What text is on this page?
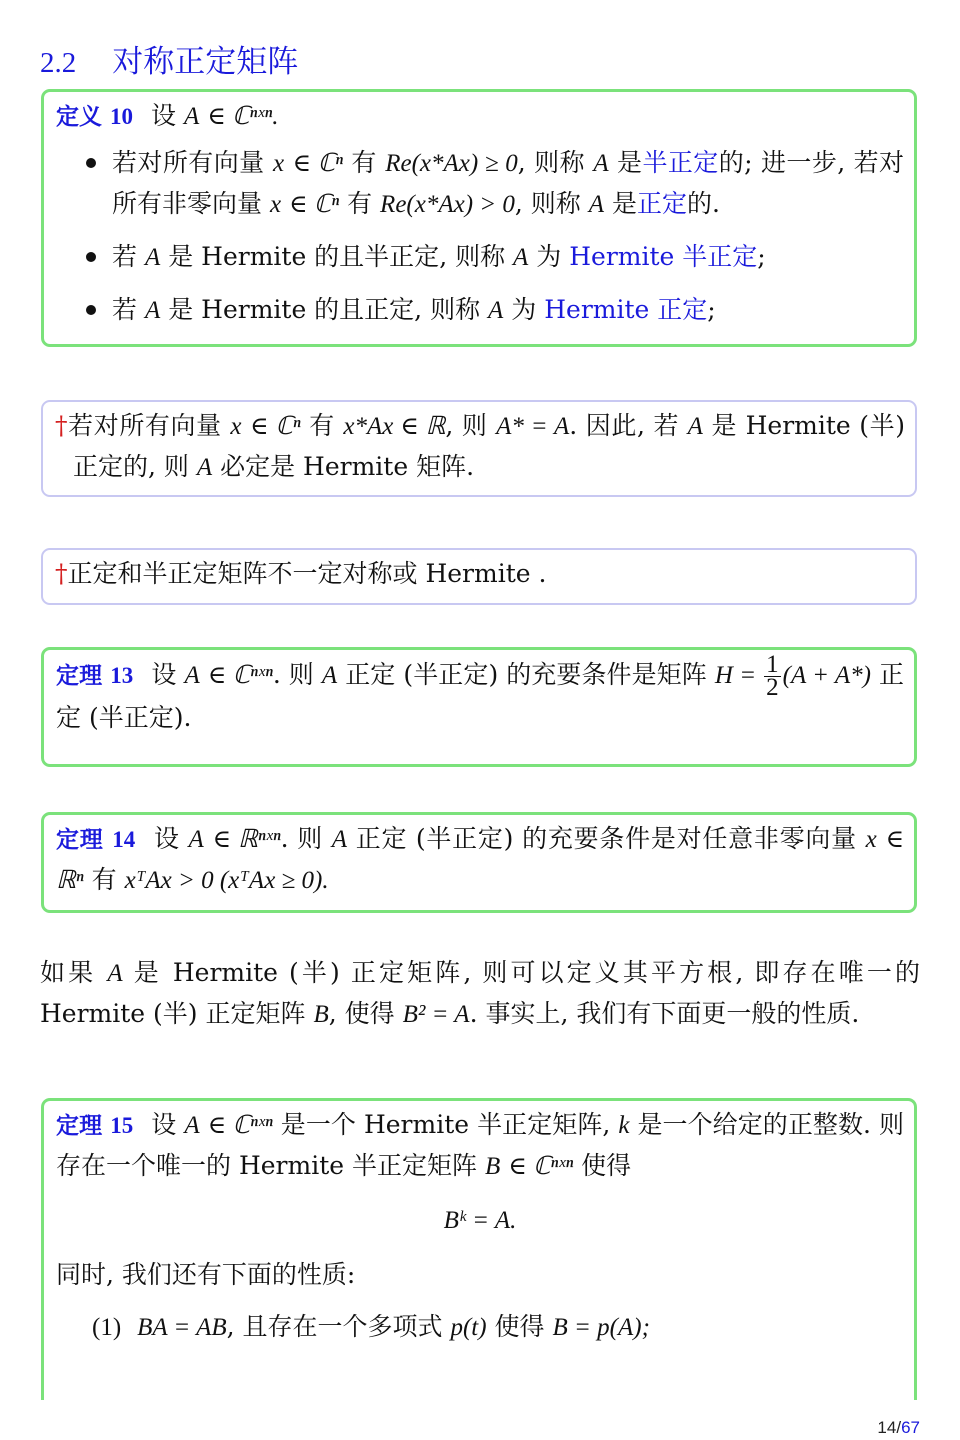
2.2 对称正定矩阵
定义 10 设 A ∈ ℂⁿˣⁿ.
若对所有向量 x ∈ ℂⁿ 有 Re(x*Ax) ≥ 0, 则称 A 是半正定的; 进一步, 若对所有非零向量 x ∈ ℂⁿ 有 Re(x*Ax) > 0, 则称 A 是正定的.
若 A 是 Hermite 的且半正定, 则称 A 为 Hermite 半正定;
若 A 是 Hermite 的且正定, 则称 A 为 Hermite 正定;
†若对所有向量 x ∈ ℂⁿ 有 x*Ax ∈ ℝ, 则 A* = A. 因此, 若 A 是 Hermite (半) 正定的, 则 A 必定是 Hermite 矩阵.
†正定和半正定矩阵不一定对称或 Hermite .
定理 13 设 A ∈ ℂⁿˣⁿ. 则 A 正定 (半正定) 的充要条件是矩阵 $H = \frac{1}{2} (A + A*)$ 正定 (半正定).
定理 14 设 A ∈ ℝⁿˣⁿ. 则 A 正定 (半正定) 的充要条件是对任意非零向量 x ∈ ℝⁿ 有 xᵀAx > 0 (xᵀAx ≥ 0).
如果 A 是 Hermite (半) 正定矩阵, 则可以定义其平方根, 即存在唯一的 Hermite (半) 正定矩阵 B, 使得 B² = A. 事实上, 我们有下面更一般的性质.
定理 15 设 A ∈ ℂⁿˣⁿ 是一个 Hermite 半正定矩阵, k 是一个给定的正整数. 则存在一个唯一的 Hermite 半正定矩阵 B ∈ ℂⁿˣⁿ 使得
Bᵏ = A.
同时, 我们还有下面的性质:
(1) BA = AB, 且存在一个多项式 p(t) 使得 B = p(A);
14/67
